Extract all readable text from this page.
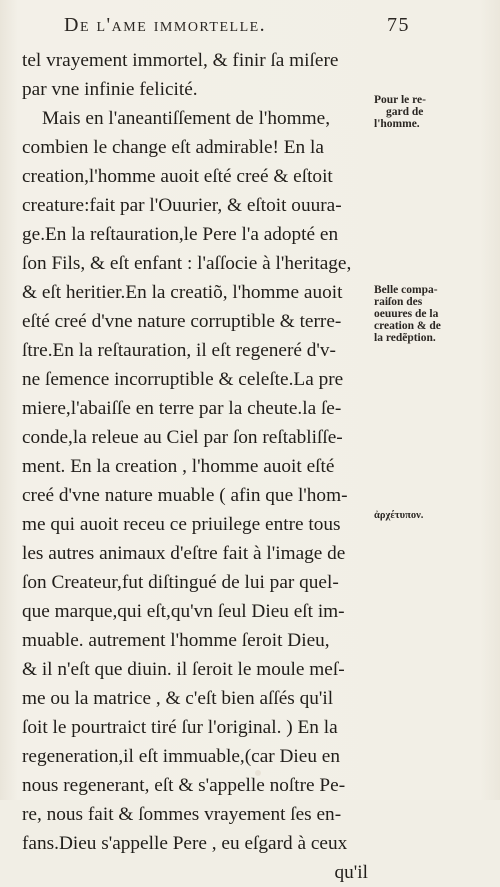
De l'ame immortelle.	75
tel vrayement immortel, & finir ſa miſere
par vne infinie felicité.
Mais en l'aneantiſſement de l'homme,
combien le change eſt admirable! En la
creation,l'homme auoit eſté creé & eſtoit
creature:fait par l'Ouurier, & eſtoit ouura-
ge.En la reſtauration,le Pere l'a adopté en
ſon Fils, & eſt enfant : l'aſſocie à l'heritage,
& eſt heritier.En la creatiõ, l'homme auoit
eſté creé d'vne nature corruptible & terre-
ſtre.En la reſtauration, il eſt regeneré d'v-
ne ſemence incorruptible & celeſte.La pre
miere,l'abaiſſe en terre par la cheute.la ſe-
conde,la releue au Ciel par ſon reſtabliſſe-
ment. En la creation , l'homme auoit eſté
creé d'vne nature muable ( afin que l'hom-
me qui auoit receu ce priuilege entre tous
les autres animaux d'eſtre fait à l'image de
ſon Createur,fut diſtingué de lui par quel-
que marque,qui eſt,qu'vn ſeul Dieu eſt im-
muable. autrement l'homme ſeroit Dieu,
& il n'eſt que diuin. il ſeroit le moule meſ-
me ou la matrice , & c'eſt bien aſſés qu'il
ſoit le pourtraict tiré ſur l'original. ) En la
regeneration,il eſt immuable,(car Dieu en
nous regenerant, eſt & s'appelle noſtre Pe-
re, nous fait & ſommes vrayement ſes en-
fans.Dieu s'appelle Pere , eu eſgard à ceux
qu'il
Pour le re-
gard de
l'homme.
Belle compa-
raiſon des
oeuures de la
creation & de
la redẽption.
ἀρχέτυπον.
